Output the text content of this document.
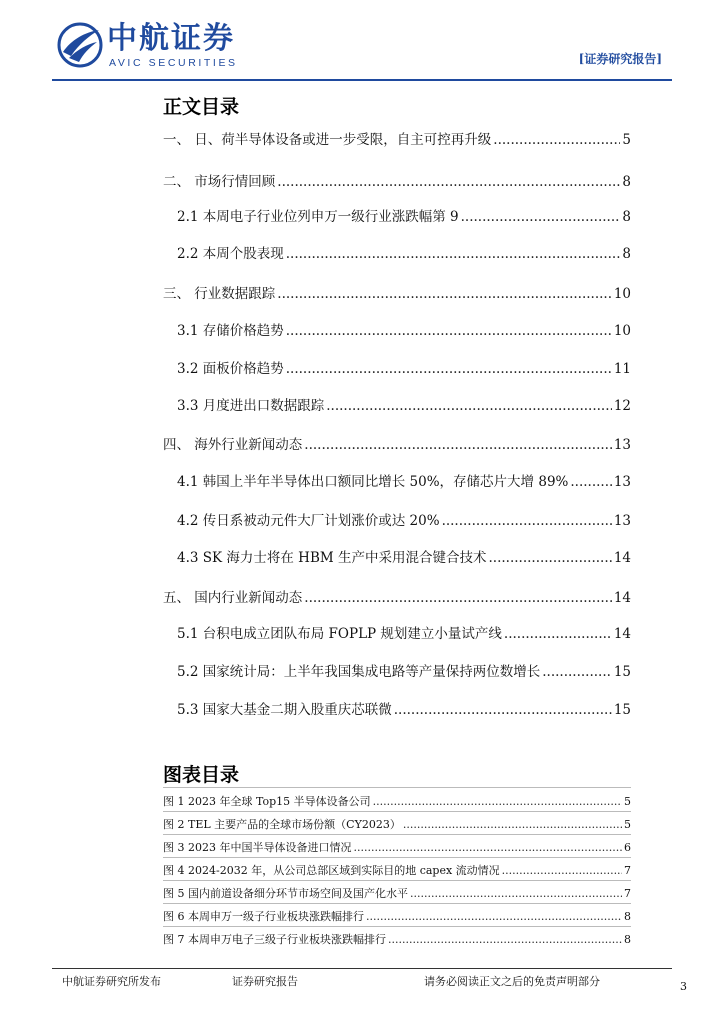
中航证券
AVIC SECURITIES	[证券研究报告]
正文目录
一、 日、荷半导体设备或进一步受限，自主可控再升级 .....	5
二、 市场行情回顾 .....	8
2.1 本周电子行业位列申万一级行业涨跌幅第 9 .....	8
2.2 本周个股表现 .....	8
三、 行业数据跟踪 .....	10
3.1 存储价格趋势 .....	10
3.2 面板价格趋势 .....	11
3.3 月度进出口数据跟踪 .....	12
四、 海外行业新闻动态 .....	13
4.1 韩国上半年半导体出口额同比增长 50%，存储芯片大增 89% .....	13
4.2 传日系被动元件大厂计划涨价或达 20% .....	13
4.3 SK 海力士将在 HBM 生产中采用混合键合技术 .....	14
五、 国内行业新闻动态 .....	14
5.1 台积电成立团队布局 FOPLP 规划建立小量试产线 .....	14
5.2 国家统计局：上半年我国集成电路等产量保持两位数增长 .....	15
5.3 国家大基金二期入股重庆芯联微 .....	15
图表目录
图 1 2023 年全球 Top15 半导体设备公司 .....	5
图 2 TEL 主要产品的全球市场份额（CY2023） .....	5
图 3 2023 年中国半导体设备进口情况 .....	6
图 4 2024-2032 年，从公司总部区域到实际目的地 capex 流动情况 .....	7
图 5 国内前道设备细分环节市场空间及国产化水平 .....	7
图 6 本周申万一级子行业板块涨跌幅排行 .....	8
图 7 本周申万电子三级子行业板块涨跌幅排行 .....	8
中航证券研究所发布	证券研究报告	请务必阅读正文之后的免责声明部分	3
